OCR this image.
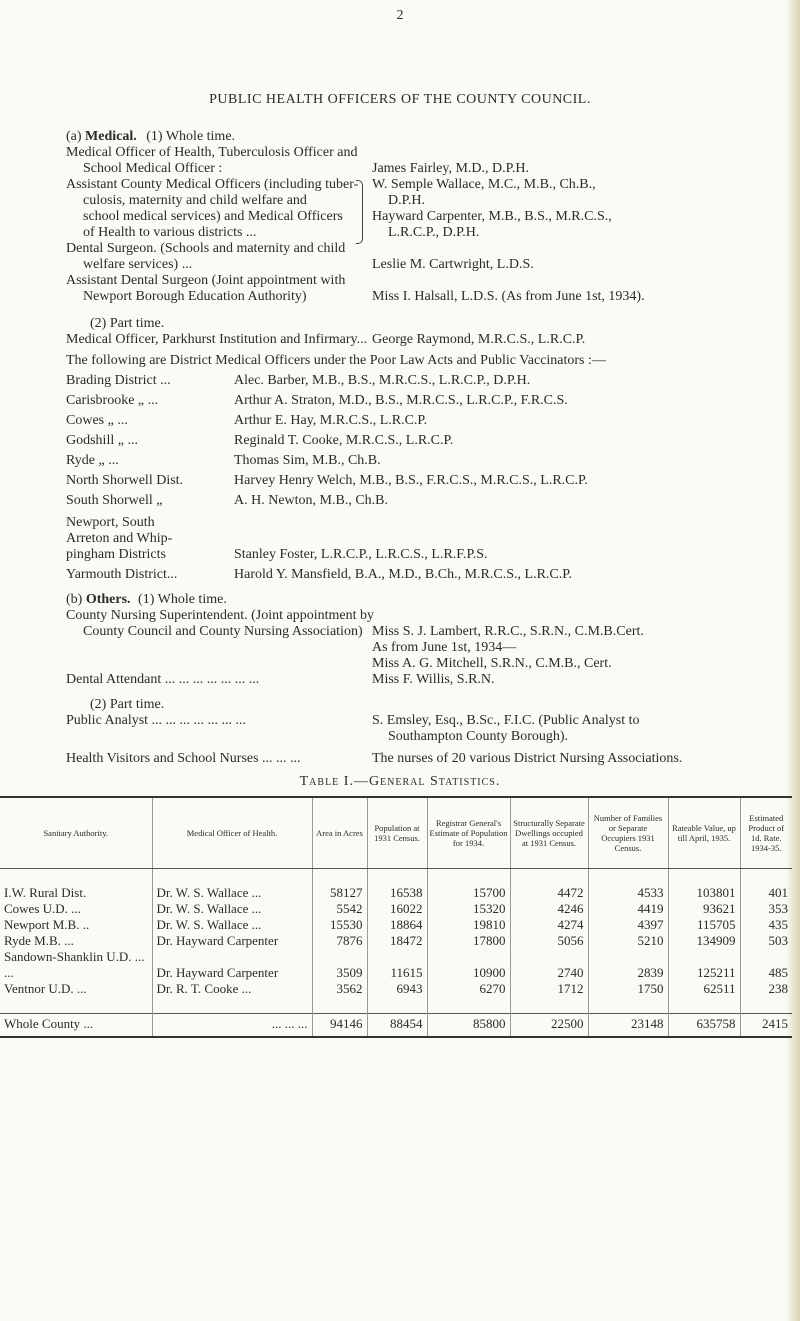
2
PUBLIC HEALTH OFFICERS OF THE COUNTY COUNCIL.
(a) Medical. (1) Whole time.
Medical Officer of Health, Tuberculosis Officer and
School Medical Officer :	James Fairley, M.D., D.P.H.
Assistant County Medical Officers (including tuber-
culosis, maternity and child welfare and
school medical services) and Medical Officers
of Health to various districts ...
W. Semple Wallace, M.C., M.B., Ch.B.,
D.P.H.
Hayward Carpenter, M.B., B.S., M.R.C.S.,
L.R.C.P., D.P.H.
Dental Surgeon. (Schools and maternity and child
welfare services) ...	Leslie M. Cartwright, L.D.S.
Assistant Dental Surgeon (Joint appointment with
Newport Borough Education Authority)	Miss I. Halsall, L.D.S. (As from June 1st, 1934).
(2) Part time.
Medical Officer, Parkhurst Institution and Infirmary... George Raymond, M.R.C.S., L.R.C.P.
The following are District Medical Officers under the Poor Law Acts and Public Vaccinators :—
Brading District ...	Alec. Barber, M.B., B.S., M.R.C.S., L.R.C.P., D.P.H.
Carisbrooke „ ...	Arthur A. Straton, M.D., B.S., M.R.C.S., L.R.C.P., F.R.C.S.
Cowes „ ...	Arthur E. Hay, M.R.C.S., L.R.C.P.
Godshill „ ...	Reginald T. Cooke, M.R.C.S., L.R.C.P.
Ryde „ ...	Thomas Sim, M.B., Ch.B.
North Shorwell Dist.	Harvey Henry Welch, M.B., B.S., F.R.C.S., M.R.C.S., L.R.C.P.
South Shorwell „	A. H. Newton, M.B., Ch.B.
Newport, South
Arreton and Whip-
pingham Districts	Stanley Foster, L.R.C.P., L.R.C.S., L.R.F.P.S.
Yarmouth District...	Harold Y. Mansfield, B.A., M.D., B.Ch., M.R.C.S., L.R.C.P.
(b) Others. (1) Whole time.
County Nursing Superintendent. (Joint appointment by
County Council and County Nursing Association) Miss S. J. Lambert, R.R.C., S.R.N., C.M.B.Cert.
As from June 1st, 1934—
Miss A. G. Mitchell, S.R.N., C.M.B., Cert.
Dental Attendant ... ... ... ... ... ... ...	Miss F. Willis, S.R.N.
(2) Part time.
Public Analyst ... ... ... ... ... ... ...	S. Emsley, Esq., B.Sc., F.I.C. (Public Analyst to
Southampton County Borough).
Health Visitors and School Nurses ... ... ...	The nurses of 20 various District Nursing Associations.
Table I.—General Statistics.
Sanitary Authority.	Medical Officer of Health.	Area in Acres	Population at 1931 Census.	Registrar General's Estimate of Population for 1934.	Structurally Separate Dwellings occupied at 1931 Census.	Number of Families or Separate Occupiers 1931 Census.	Rateable Value, up till April, 1935.	Estimated Product of 1d. Rate. 1934-35.

I.W. Rural Dist.	Dr. W. S. Wallace ...	58127	16538	15700	4472	4533	103801	401
Cowes U.D. ...	Dr. W. S. Wallace ...	5542	16022	15320	4246	4419	93621	353
Newport M.B. ..	Dr. W. S. Wallace ...	15530	18864	19810	4274	4397	115705	435
Ryde M.B. ...	Dr. Hayward Carpenter	7876	18472	17800	5056	5210	134909	503
Sandown-Shanklin U.D. ... ...	Dr. Hayward Carpenter	3509	11615	10900	2740	2839	125211	485
Ventnor U.D. ...	Dr. R. T. Cooke ...	3562	6943	6270	1712	1750	62511	238

Whole County ...	... ... ...	94146	88454	85800	22500	23148	635758	2415
